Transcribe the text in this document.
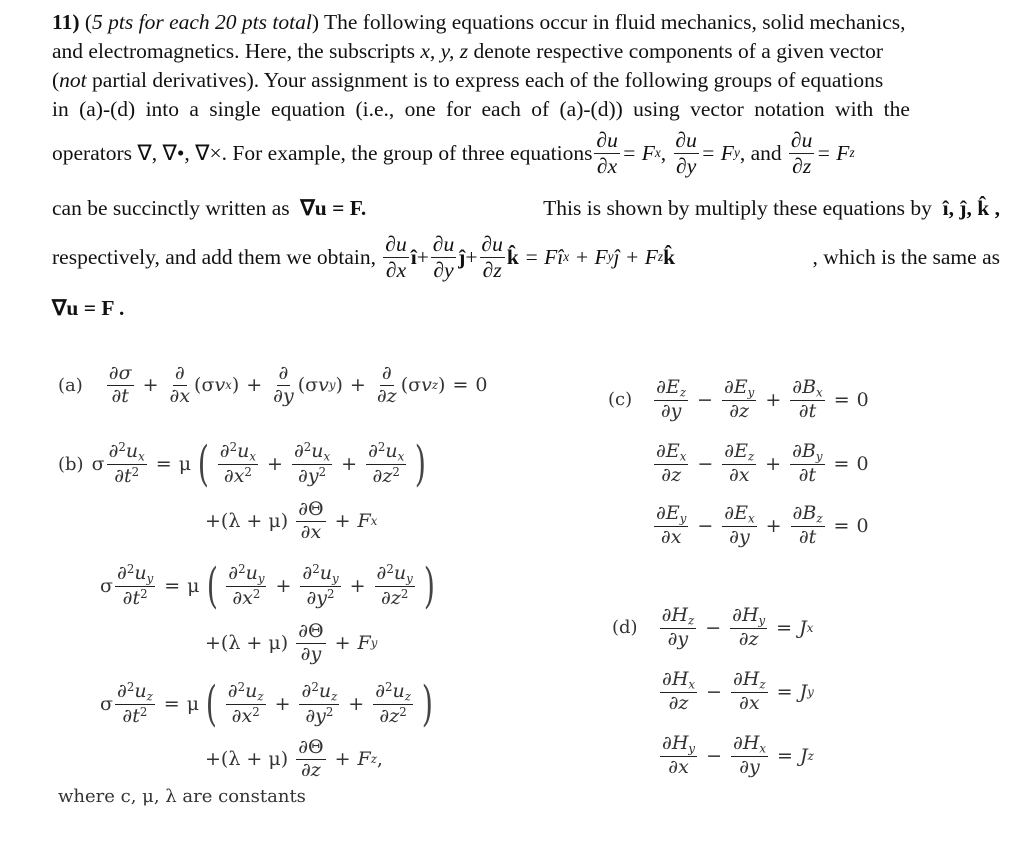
11) (5 pts for each 20 pts total) The following equations occur in fluid mechanics, solid mechanics,
and electromagnetics. Here, the subscripts x, y, z denote respective components of a given vector
(not partial derivatives). Your assignment is to express each of the following groups of equations
in (a)-(d) into a single equation (i.e., one for each of (a)-(d)) using vector notation with the
operators ∇, ∇•, ∇×. For example, the group of three equations $\frac{\partial u}{\partial x} = F$ x ,
$\frac{\partial u}{\partial y} = F$ y , and
$\frac{\partial u}{\partial z} = F$ z
can be succinctly written as ∇u = F.	This is shown by multiply these equations by î, ĵ, k̂ ,
respectively, and add them we obtain,
$\frac{\partial u}{\partial x}$ î + $\frac{\partial u}{\partial y}$ ĵ + $\frac{\partial u}{\partial z}$ k̂
= Fî x
+ F y ĵ + F z k̂	, which is the same as
∇u = F .
$(a) \frac{\partial\sigma}{\partial t} + \frac{\partial}{\partial x} (\sigma$ v x ) + $\frac{\partial}{\partial y} (\sigma$ v y ) + $\frac{\partial}{\partial z} (\sigma$ v z ) = 0
(b) σ $\frac{\partial^2u_x}{\partial t^2} = \mu$ ( $\frac{\partial^2u_x}{\partial x^2} + \frac{\partial^2u_x}{\partial y^2} + \frac{\partial^2u_x}{\partial z^2}$ )
$+(\lambda + \mu) \frac{\partial\Theta}{\partial x} + F$ x
σ $\frac{\partial^2u_y}{\partial t^2} = \mu$ ( $\frac{\partial^2u_y}{\partial x^2} + \frac{\partial^2u_y}{\partial y^2} + \frac{\partial^2u_y}{\partial z^2}$ )
$+(\lambda + \mu) \frac{\partial\Theta}{\partial y} + F$ y
σ $\frac{\partial^2u_z}{\partial t^2} = \mu$ ( $\frac{\partial^2u_z}{\partial x^2} + \frac{\partial^2u_z}{\partial y^2} + \frac{\partial^2u_z}{\partial z^2}$ )
$+(\lambda + \mu) \frac{\partial\Theta}{\partial z} + F$ z ,
where c, μ, λ are constants
$(c) \frac{\partial E_z}{\partial y} - \frac{\partial E_y}{\partial z} + \frac{\partial B_x}{\partial t} = 0$
$\frac{\partial E_x}{\partial z} - \frac{\partial E_z}{\partial x} + \frac{\partial B_y}{\partial t} = 0$
$\frac{\partial E_y}{\partial x} - \frac{\partial E_x}{\partial y} + \frac{\partial B_z}{\partial t} = 0$
$(d) \frac{\partial H_z}{\partial y} - \frac{\partial H_y}{\partial z} = J$ x
$\frac{\partial H_x}{\partial z} - \frac{\partial H_z}{\partial x} = J$ y
$\frac{\partial H_y}{\partial x} - \frac{\partial H_x}{\partial y} = J$ z
